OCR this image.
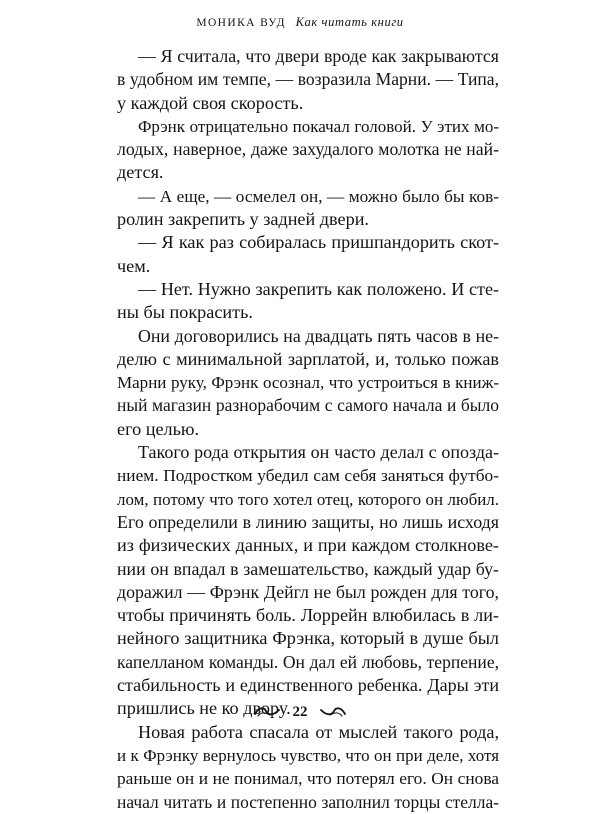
МОНИКА ВУД Как читать книги
— Я считала, что двери вроде как закрываются
в удобном им темпе, — возразила Марни. — Типа,
у каждой своя скорость.
Фрэнк отрицательно покачал головой. У этих мо-
лодых, наверное, даже захудалого молотка не най-
дется.
— А еще, — осмелел он, — можно было бы ков-
ролин закрепить у задней двери.
— Я как раз собиралась пришпандорить скот-
чем.
— Нет. Нужно закрепить как положено. И сте-
ны бы покрасить.
Они договорились на двадцать пять часов в не-
делю с минимальной зарплатой, и, только пожав
Марни руку, Фрэнк осознал, что устроиться в книж-
ный магазин разнорабочим с самого начала и было
его целью.
Такого рода открытия он часто делал с опозда-
нием. Подростком убедил сам себя заняться футбо-
лом, потому что того хотел отец, которого он любил.
Его определили в линию защиты, но лишь исходя
из физических данных, и при каждом столкнове-
нии он впадал в замешательство, каждый удар бу-
доражил — Фрэнк Дейгл не был рожден для того,
чтобы причинять боль. Лоррейн влюбилась в ли-
нейного защитника Фрэнка, который в душе был
капелланом команды. Он дал ей любовь, терпение,
стабильность и единственного ребенка. Дары эти
пришлись не ко двору.
Новая работа спасала от мыслей такого рода,
и к Фрэнку вернулось чувство, что он при деле, хотя
раньше он и не понимал, что потерял его. Он снова
начал читать и постепенно заполнил торцы стелла-
22
